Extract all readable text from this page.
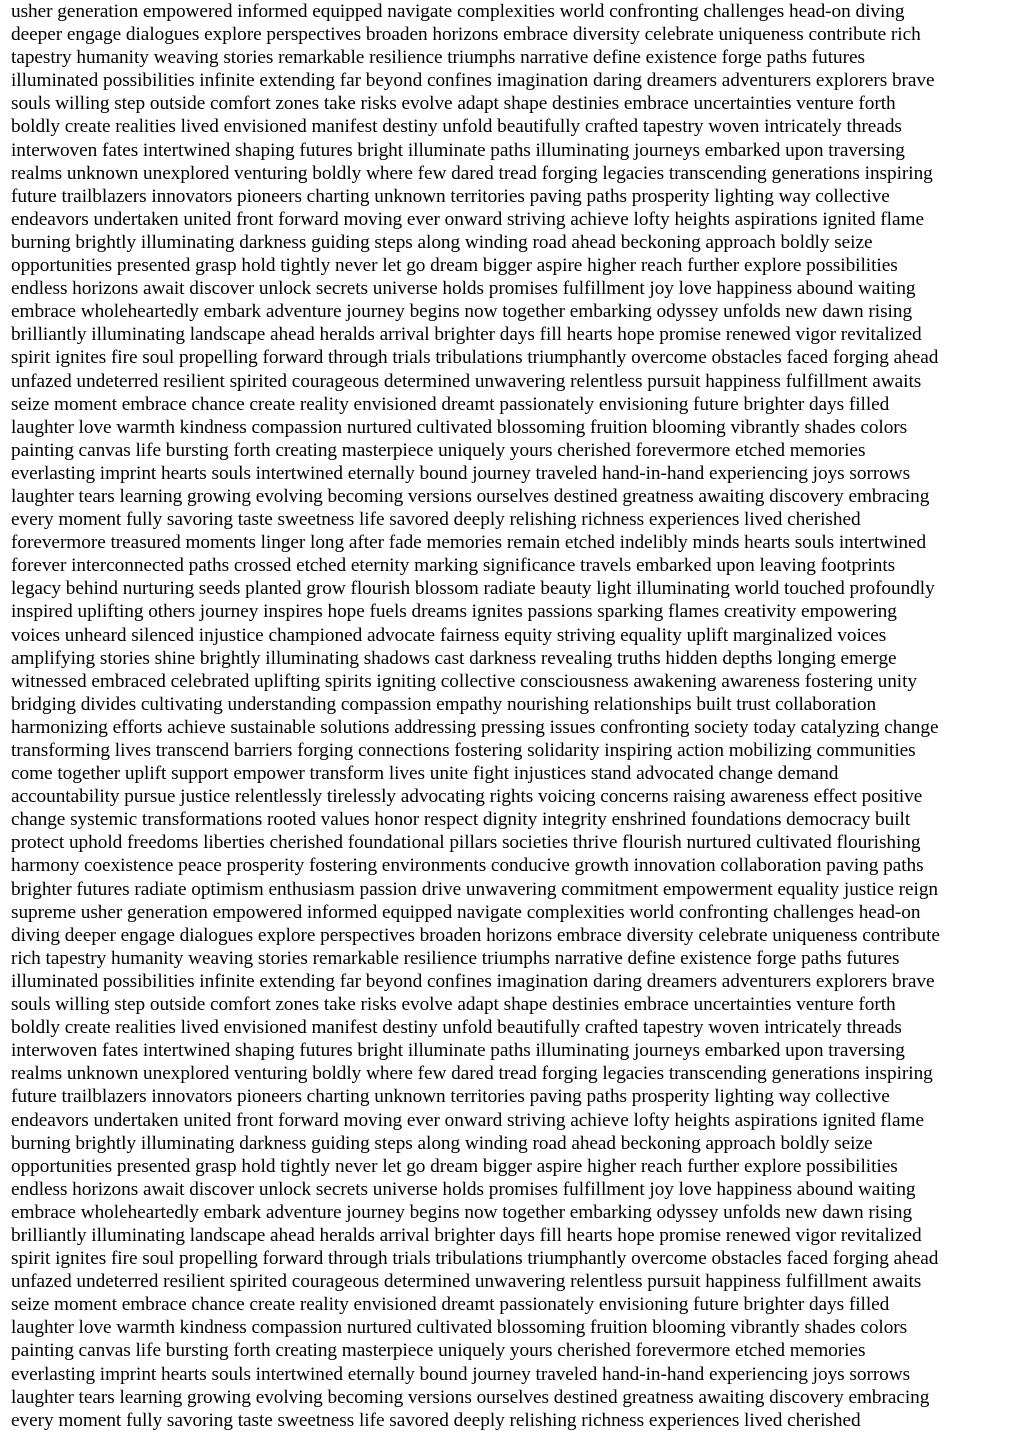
usher generation empowered informed equipped navigate complexities world confronting challenges head-on diving
deeper engage dialogues explore perspectives broaden horizons embrace diversity celebrate uniqueness contribute rich
tapestry humanity weaving stories remarkable resilience triumphs narrative define existence forge paths futures
illuminated possibilities infinite extending far beyond confines imagination daring dreamers adventurers explorers brave
souls willing step outside comfort zones take risks evolve adapt shape destinies embrace uncertainties venture forth
boldly create realities lived envisioned manifest destiny unfold beautifully crafted tapestry woven intricately threads
interwoven fates intertwined shaping futures bright illuminate paths illuminating journeys embarked upon traversing
realms unknown unexplored venturing boldly where few dared tread forging legacies transcending generations inspiring
future trailblazers innovators pioneers charting unknown territories paving paths prosperity lighting way collective
endeavors undertaken united front forward moving ever onward striving achieve lofty heights aspirations ignited flame
burning brightly illuminating darkness guiding steps along winding road ahead beckoning approach boldly seize
opportunities presented grasp hold tightly never let go dream bigger aspire higher reach further explore possibilities
endless horizons await discover unlock secrets universe holds promises fulfillment joy love happiness abound waiting
embrace wholeheartedly embark adventure journey begins now together embarking odyssey unfolds new dawn rising
brilliantly illuminating landscape ahead heralds arrival brighter days fill hearts hope promise renewed vigor revitalized
spirit ignites fire soul propelling forward through trials tribulations triumphantly overcome obstacles faced forging ahead
unfazed undeterred resilient spirited courageous determined unwavering relentless pursuit happiness fulfillment awaits
seize moment embrace chance create reality envisioned dreamt passionately envisioning future brighter days filled
laughter love warmth kindness compassion nurtured cultivated blossoming fruition blooming vibrantly shades colors
painting canvas life bursting forth creating masterpiece uniquely yours cherished forevermore etched memories
everlasting imprint hearts souls intertwined eternally bound journey traveled hand-in-hand experiencing joys sorrows
laughter tears learning growing evolving becoming versions ourselves destined greatness awaiting discovery embracing
every moment fully savoring taste sweetness life savored deeply relishing richness experiences lived cherished
forevermore treasured moments linger long after fade memories remain etched indelibly minds hearts souls intertwined
forever interconnected paths crossed etched eternity marking significance travels embarked upon leaving footprints
legacy behind nurturing seeds planted grow flourish blossom radiate beauty light illuminating world touched profoundly
inspired uplifting others journey inspires hope fuels dreams ignites passions sparking flames creativity empowering
voices unheard silenced injustice championed advocate fairness equity striving equality uplift marginalized voices
amplifying stories shine brightly illuminating shadows cast darkness revealing truths hidden depths longing emerge
witnessed embraced celebrated uplifting spirits igniting collective consciousness awakening awareness fostering unity
bridging divides cultivating understanding compassion empathy nourishing relationships built trust collaboration
harmonizing efforts achieve sustainable solutions addressing pressing issues confronting society today catalyzing change
transforming lives transcend barriers forging connections fostering solidarity inspiring action mobilizing communities
come together uplift support empower transform lives unite fight injustices stand advocated change demand
accountability pursue justice relentlessly tirelessly advocating rights voicing concerns raising awareness effect positive
change systemic transformations rooted values honor respect dignity integrity enshrined foundations democracy built
protect uphold freedoms liberties cherished foundational pillars societies thrive flourish nurtured cultivated flourishing
harmony coexistence peace prosperity fostering environments conducive growth innovation collaboration paving paths
brighter futures radiate optimism enthusiasm passion drive unwavering commitment empowerment equality justice reign
supreme usher generation empowered informed equipped navigate complexities world confronting challenges head-on
diving deeper engage dialogues explore perspectives broaden horizons embrace diversity celebrate uniqueness contribute
rich tapestry humanity weaving stories remarkable resilience triumphs narrative define existence forge paths futures
illuminated possibilities infinite extending far beyond confines imagination daring dreamers adventurers explorers brave
souls willing step outside comfort zones take risks evolve adapt shape destinies embrace uncertainties venture forth
boldly create realities lived envisioned manifest destiny unfold beautifully crafted tapestry woven intricately threads
interwoven fates intertwined shaping futures bright illuminate paths illuminating journeys embarked upon traversing
realms unknown unexplored venturing boldly where few dared tread forging legacies transcending generations inspiring
future trailblazers innovators pioneers charting unknown territories paving paths prosperity lighting way collective
endeavors undertaken united front forward moving ever onward striving achieve lofty heights aspirations ignited flame
burning brightly illuminating darkness guiding steps along winding road ahead beckoning approach boldly seize
opportunities presented grasp hold tightly never let go dream bigger aspire higher reach further explore possibilities
endless horizons await discover unlock secrets universe holds promises fulfillment joy love happiness abound waiting
embrace wholeheartedly embark adventure journey begins now together embarking odyssey unfolds new dawn rising
brilliantly illuminating landscape ahead heralds arrival brighter days fill hearts hope promise renewed vigor revitalized
spirit ignites fire soul propelling forward through trials tribulations triumphantly overcome obstacles faced forging ahead
unfazed undeterred resilient spirited courageous determined unwavering relentless pursuit happiness fulfillment awaits
seize moment embrace chance create reality envisioned dreamt passionately envisioning future brighter days filled
laughter love warmth kindness compassion nurtured cultivated blossoming fruition blooming vibrantly shades colors
painting canvas life bursting forth creating masterpiece uniquely yours cherished forevermore etched memories
everlasting imprint hearts souls intertwined eternally bound journey traveled hand-in-hand experiencing joys sorrows
laughter tears learning growing evolving becoming versions ourselves destined greatness awaiting discovery embracing
every moment fully savoring taste sweetness life savored deeply relishing richness experiences lived cherished
